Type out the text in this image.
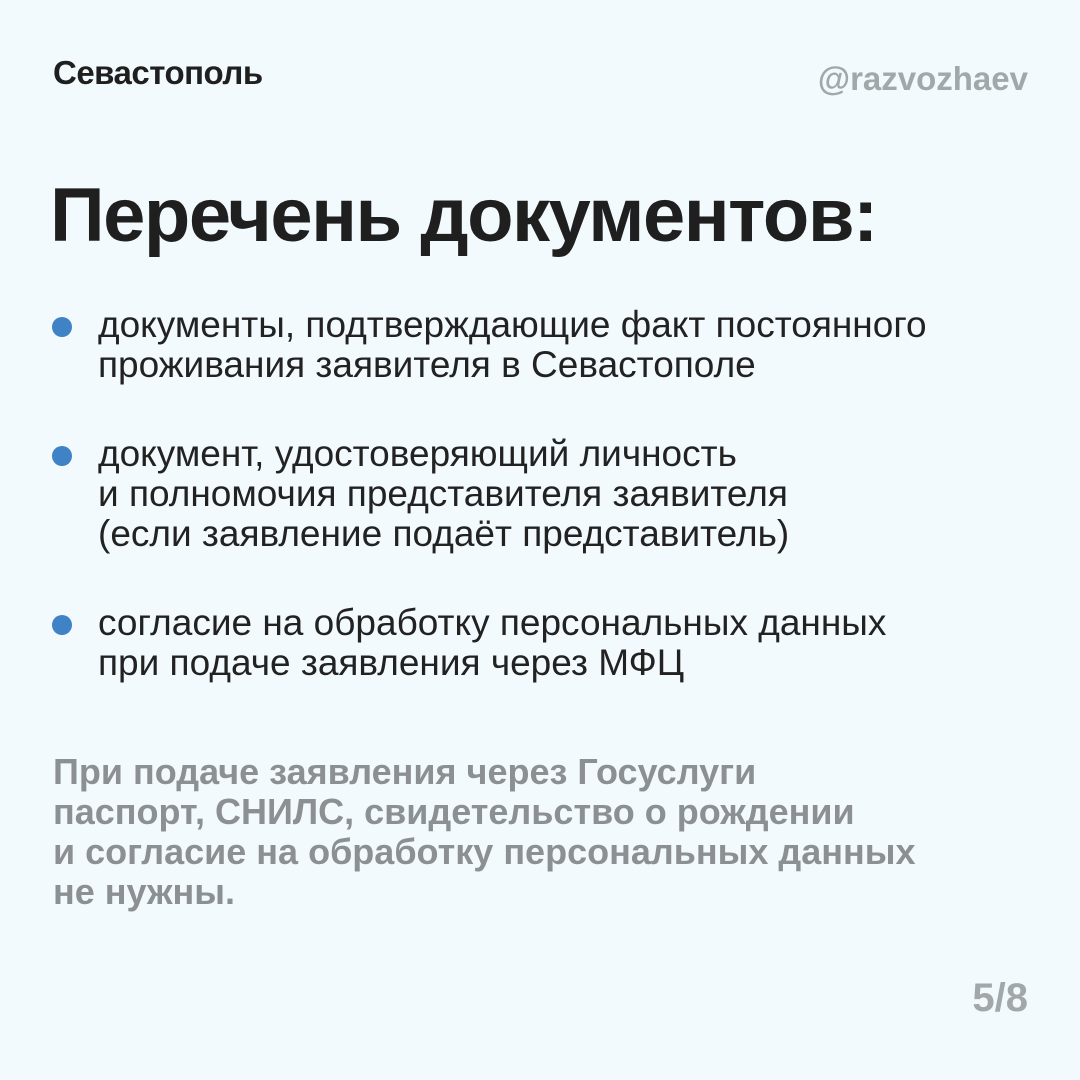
Севастополь	@razvozhaev
Перечень документов:
документы, подтверждающие факт постоянного
проживания заявителя в Севастополе
документ, удостоверяющий личность
и полномочия представителя заявителя
(если заявление подаёт представитель)
согласие на обработку персональных данных
при подаче заявления через МФЦ
При подаче заявления через Госуслуги
паспорт, СНИЛС, свидетельство о рождении
и согласие на обработку персональных данных
не нужны.
5/8
